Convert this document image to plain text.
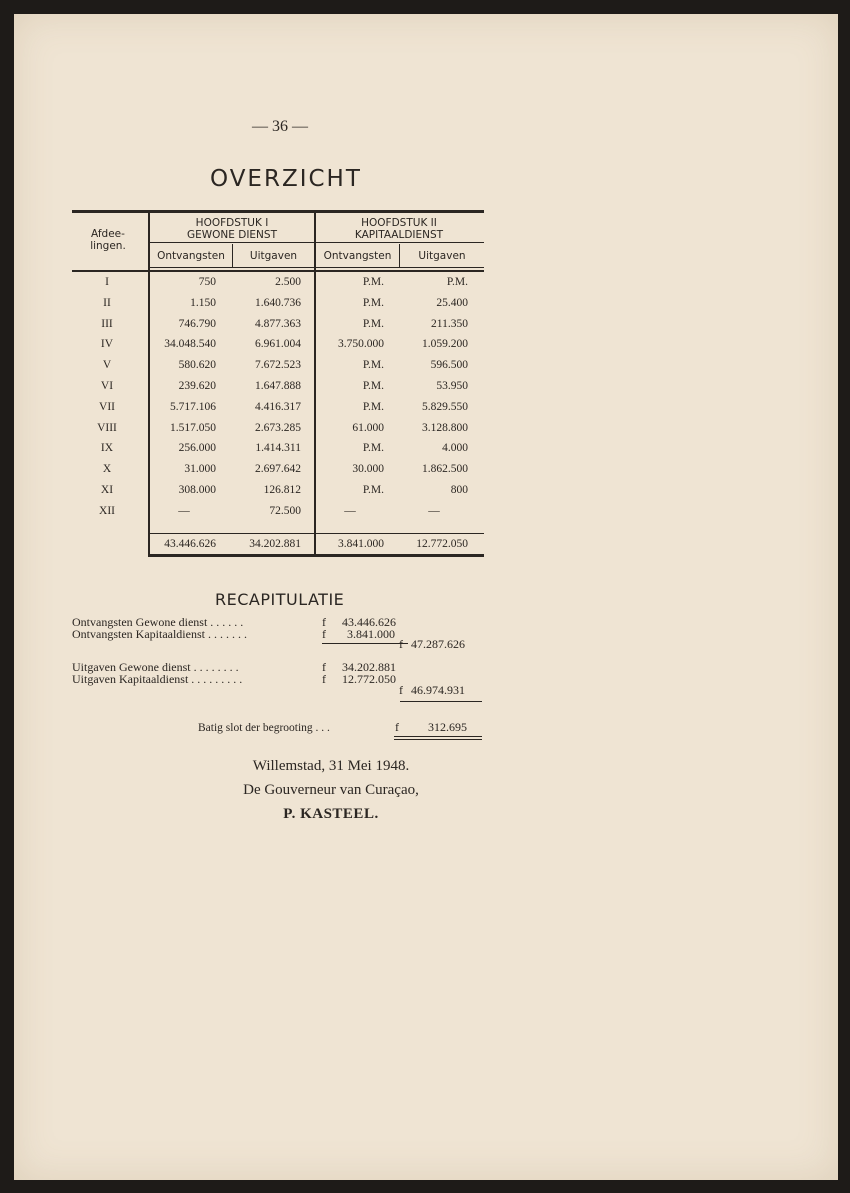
— 36 —
OVERZICHT
Afdee- lingen.
HOOFDSTUK I GEWONE DIENST
HOOFDSTUK II KAPITAALDIENST
Ontvangsten	Uitgaven	Ontvangsten	Uitgaven
I	750	2.500	P.M.	P.M.
II	1.150	1.640.736	P.M.	25.400
III	746.790	4.877.363	P.M.	211.350
IV	34.048.540	6.961.004	3.750.000	1.059.200
V	580.620	7.672.523	P.M.	596.500
VI	239.620	1.647.888	P.M.	53.950
VII	5.717.106	4.416.317	P.M.	5.829.550
VIII	1.517.050	2.673.285	61.000	3.128.800
IX	256.000	1.414.311	P.M.	4.000
X	31.000	2.697.642	30.000	1.862.500
XI	308.000	126.812	P.M.	800
XII	—	72.500	—	—
43.446.626	34.202.881	3.841.000	12.772.050
RECAPITULATIE
Ontvangsten Gewone dienst . . . . . .	f 43.446.626
Ontvangsten Kapitaaldienst . . . . . . .	f 3.841.000
f 47.287.626
Uitgaven Gewone dienst . . . . . . . .	f 34.202.881
Uitgaven Kapitaaldienst . . . . . . . . .	f 12.772.050
f 46.974.931
Batig slot der begrooting . . .	f 312.695
Willemstad, 31 Mei 1948.
De Gouverneur van Curaçao,
P. KASTEEL.
